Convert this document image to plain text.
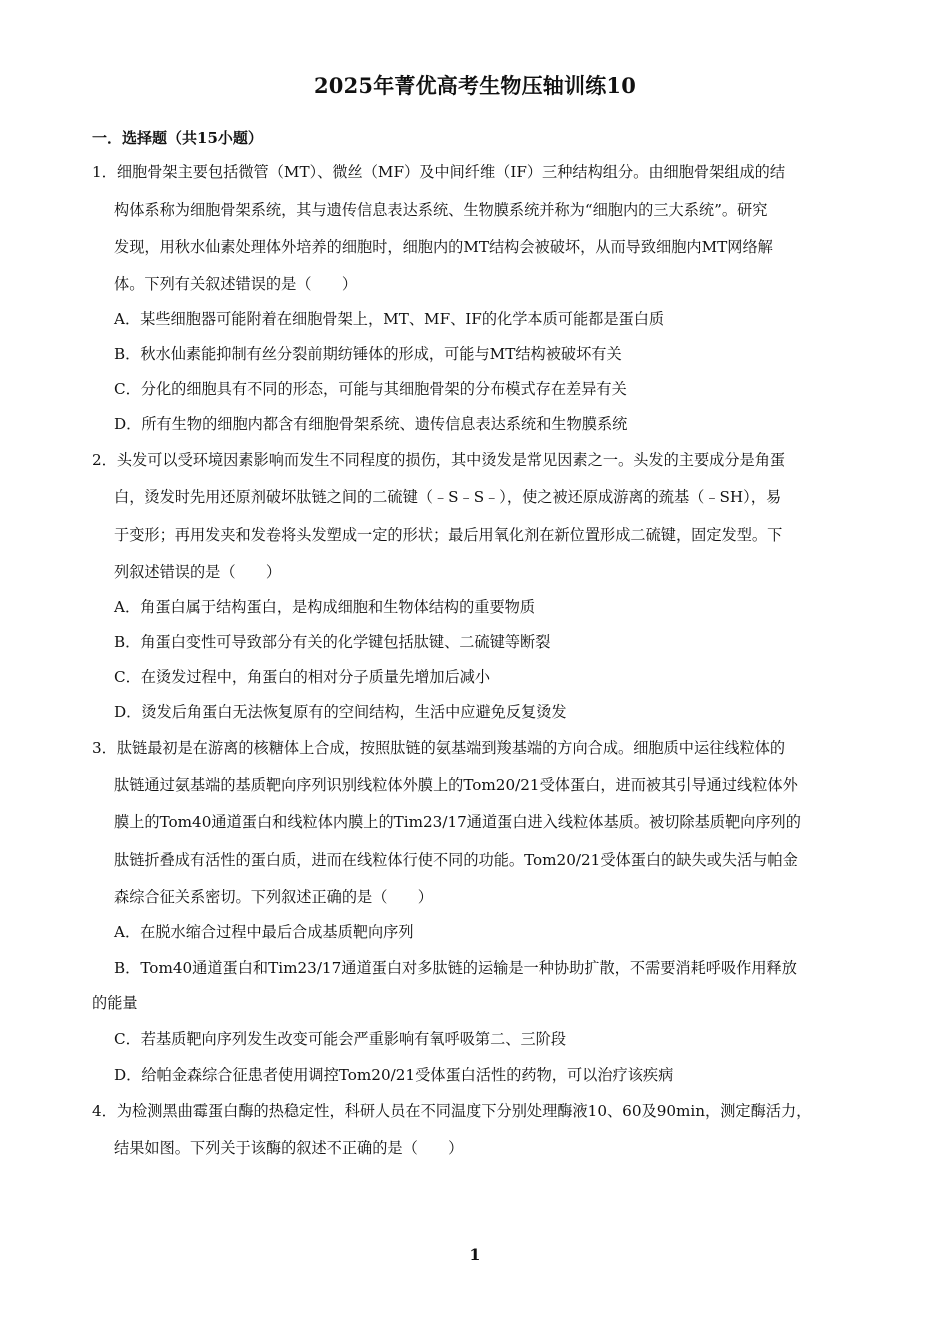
2025年菁优高考生物压轴训练10
一．选择题（共15小题）
1．细胞骨架主要包括微管（MT）、微丝（MF）及中间纤维（IF）三种结构组分。由细胞骨架组成的结
构体系称为细胞骨架系统，其与遗传信息表达系统、生物膜系统并称为“细胞内的三大系统”。研究
发现，用秋水仙素处理体外培养的细胞时，细胞内的MT结构会被破坏，从而导致细胞内MT网络解
体。下列有关叙述错误的是（　　）
A．某些细胞器可能附着在细胞骨架上，MT、MF、IF的化学本质可能都是蛋白质
B．秋水仙素能抑制有丝分裂前期纺锤体的形成，可能与MT结构被破坏有关
C．分化的细胞具有不同的形态，可能与其细胞骨架的分布模式存在差异有关
D．所有生物的细胞内都含有细胞骨架系统、遗传信息表达系统和生物膜系统
2．头发可以受环境因素影响而发生不同程度的损伤，其中烫发是常见因素之一。头发的主要成分是角蛋
白，烫发时先用还原剂破坏肽链之间的二硫键（﹣S﹣S﹣），使之被还原成游离的巯基（﹣SH），易
于变形；再用发夹和发卷将头发塑成一定的形状；最后用氧化剂在新位置形成二硫键，固定发型。下
列叙述错误的是（　　）
A．角蛋白属于结构蛋白，是构成细胞和生物体结构的重要物质
B．角蛋白变性可导致部分有关的化学键包括肽键、二硫键等断裂
C．在烫发过程中，角蛋白的相对分子质量先增加后减小
D．烫发后角蛋白无法恢复原有的空间结构，生活中应避免反复烫发
3．肽链最初是在游离的核糖体上合成，按照肽链的氨基端到羧基端的方向合成。细胞质中运往线粒体的
肽链通过氨基端的基质靶向序列识别线粒体外膜上的Tom20/21受体蛋白，进而被其引导通过线粒体外
膜上的Tom40通道蛋白和线粒体内膜上的Tim23/17通道蛋白进入线粒体基质。被切除基质靶向序列的
肽链折叠成有活性的蛋白质，进而在线粒体行使不同的功能。Tom20/21受体蛋白的缺失或失活与帕金
森综合征关系密切。下列叙述正确的是（　　）
A．在脱水缩合过程中最后合成基质靶向序列
B．Tom40通道蛋白和Tim23/17通道蛋白对多肽链的运输是一种协助扩散，不需要消耗呼吸作用释放
的能量
C．若基质靶向序列发生改变可能会严重影响有氧呼吸第二、三阶段
D．给帕金森综合征患者使用调控Tom20/21受体蛋白活性的药物，可以治疗该疾病
4．为检测黑曲霉蛋白酶的热稳定性，科研人员在不同温度下分别处理酶液10、60及90min，测定酶活力，
结果如图。下列关于该酶的叙述不正确的是（　　）
1
